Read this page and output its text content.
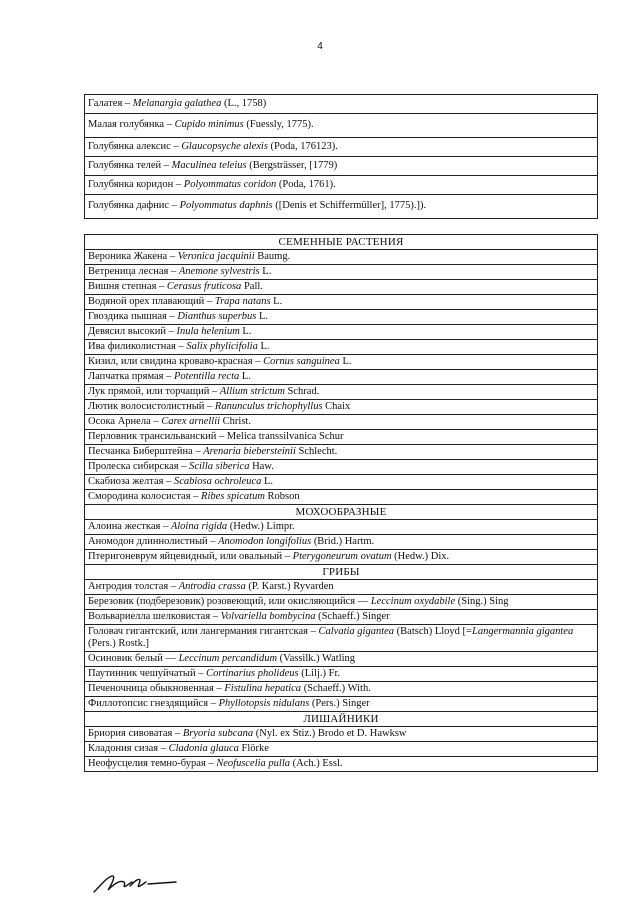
4
Галатея – Melanargia galathea (L., 1758)
Малая голубянка – Cupido minimus (Fuessly, 1775).
Голубянка алексис – Glaucopsyche alexis (Poda, 176123).
Голубянка телей – Maculinea teleius (Bergsträsser, [1779)
Голубянка коридон – Polyommatus coridon (Poda, 1761).
Голубянка дафнис – Polyommatus daphnis ([Denis et Schiffermüller], 1775).]).
СЕМЕННЫЕ РАСТЕНИЯ
Вероника Жакена – Veronica jacquinii Baumg.
Ветреница лесная – Anemone sylvestris L.
Вишня степная – Cerasus fruticosa Pall.
Водяной орех плавающий – Trapa natans L.
Гвоздика пышная – Dianthus superbus L.
Девясил высокий – Inula helenium L.
Ива филиколистная – Salix phylicifolia L.
Кизил, или свидина кроваво-красная – Cornus sanguinea L.
Лапчатка прямая – Potentilla recta L.
Лук прямой, или торчащий – Allium strictum Schrad.
Лютик волосистолистный – Ranunculus trichophyllus Chaix
Осока Арнела – Carex arnellii Christ.
Перловник трансильванский – Melica transsilvanica Schur
Песчанка Биберштейна – Arenaria biebersteinii Schlecht.
Пролеска сибирская – Scilla siberica Haw.
Скабиоза желтая – Scabiosa ochroleuca L.
Смородина колосистая – Ribes spicatum Robson
МОХООБРАЗНЫЕ
Алоина жесткая – Aloina rigida (Hedw.) Limpr.
Аномодон длиннолистный – Anomodon longifolius (Brid.) Hartm.
Птеригоневрум яйцевидный, или овальный – Pterygoneurum ovatum (Hedw.) Dix.
ГРИБЫ
Антродия толстая – Antrodia crassa (P. Karst.) Ryvarden
Березовик (подберезовик) розовеющий, или окисляющийся — Leccinum oxydabile (Sing.) Sing
Вольвариелла шелковистая – Volvariella bombycina (Schaeff.) Singer
Головач гигантский, или лангермания гигантская – Calvatia gigantea (Batsch) Lloyd [=Langermannia gigantea (Pers.) Rostk.]
Осиновик белый — Leccinum percandidum (Vassilk.) Watling
Паутинник чешуйчатый – Cortinarius pholideus (Lilj.) Fr.
Печеночница обыкновенная – Fistulina hepatica (Schaeff.) With.
Филлотопсис гнездящийся – Phyllotopsis nidulans (Pers.) Singer
ЛИШАЙНИКИ
Бриория сивоватая – Bryoria subcana (Nyl. ex Stiz.) Brodo et D. Hawksw
Кладония сизая – Cladonia glauca Flörke
Неофусцелия темно-бурая – Neofuscelia pulla (Ach.) Essl.
